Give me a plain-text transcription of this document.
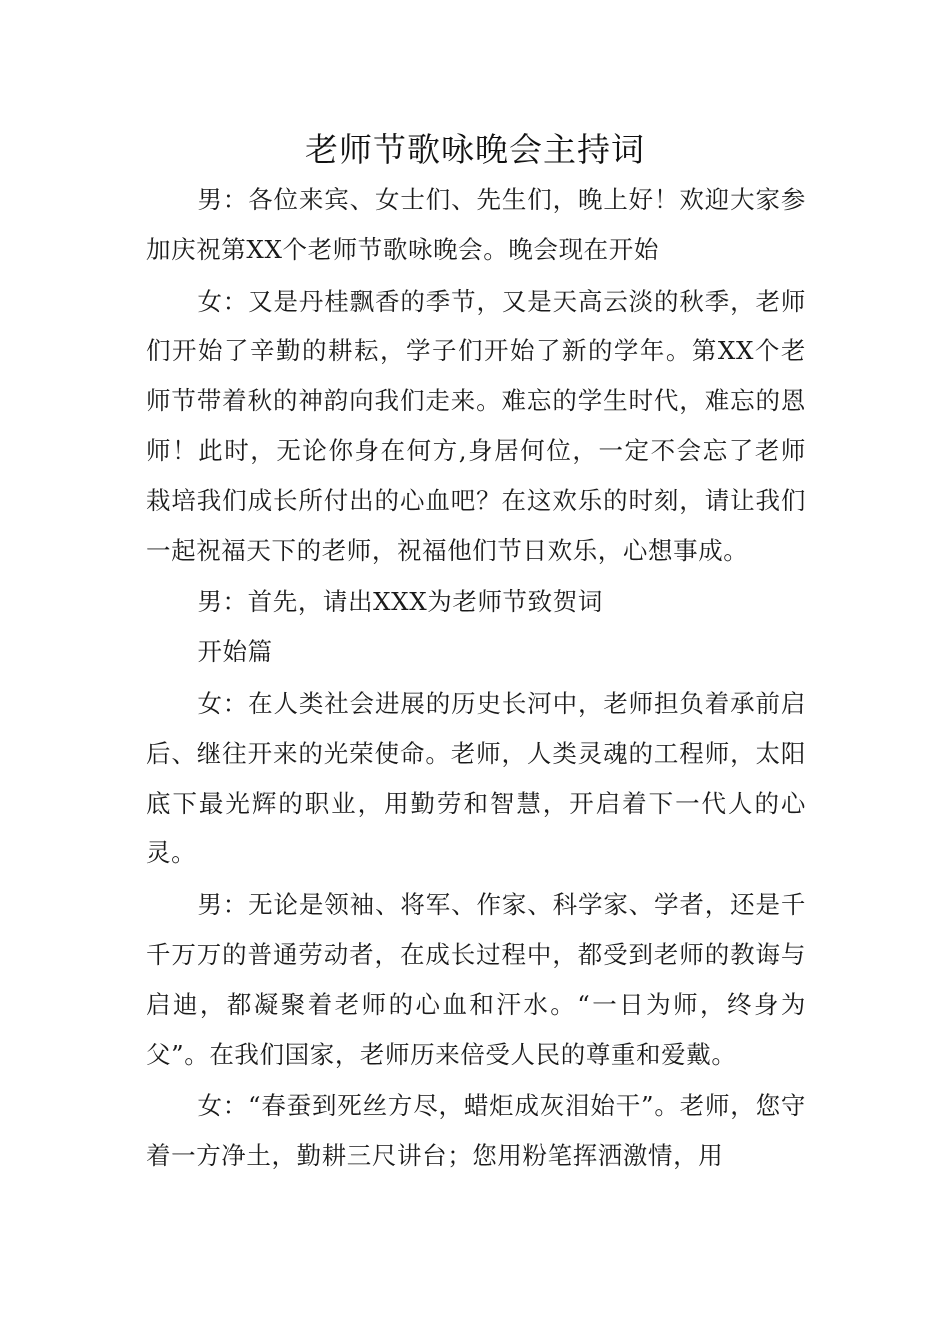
老师节歌咏晚会主持词

男：各位来宾、女士们、先生们，晚上好！欢迎大家参加庆祝第XX个老师节歌咏晚会。晚会现在开始

女：又是丹桂飘香的季节，又是天高云淡的秋季，老师们开始了辛勤的耕耘，学子们开始了新的学年。第XX个老师节带着秋的神韵向我们走来。难忘的学生时代，难忘的恩师！此时，无论你身在何方,身居何位，一定不会忘了老师栽培我们成长所付出的心血吧？在这欢乐的时刻，请让我们一起祝福天下的老师，祝福他们节日欢乐，心想事成。

男：首先，请出XXX为老师节致贺词

开始篇

女：在人类社会进展的历史长河中，老师担负着承前启后、继往开来的光荣使命。老师，人类灵魂的工程师，太阳底下最光辉的职业，用勤劳和智慧，开启着下一代人的心灵。

男：无论是领袖、将军、作家、科学家、学者，还是千千万万的普通劳动者，在成长过程中，都受到老师的教诲与启迪，都凝聚着老师的心血和汗水。“一日为师，终身为父”。在我们国家，老师历来倍受人民的尊重和爱戴。

女：“春蚕到死丝方尽，蜡炬成灰泪始干”。老师，您守着一方净土，勤耕三尺讲台；您用粉笔挥洒激情，用
